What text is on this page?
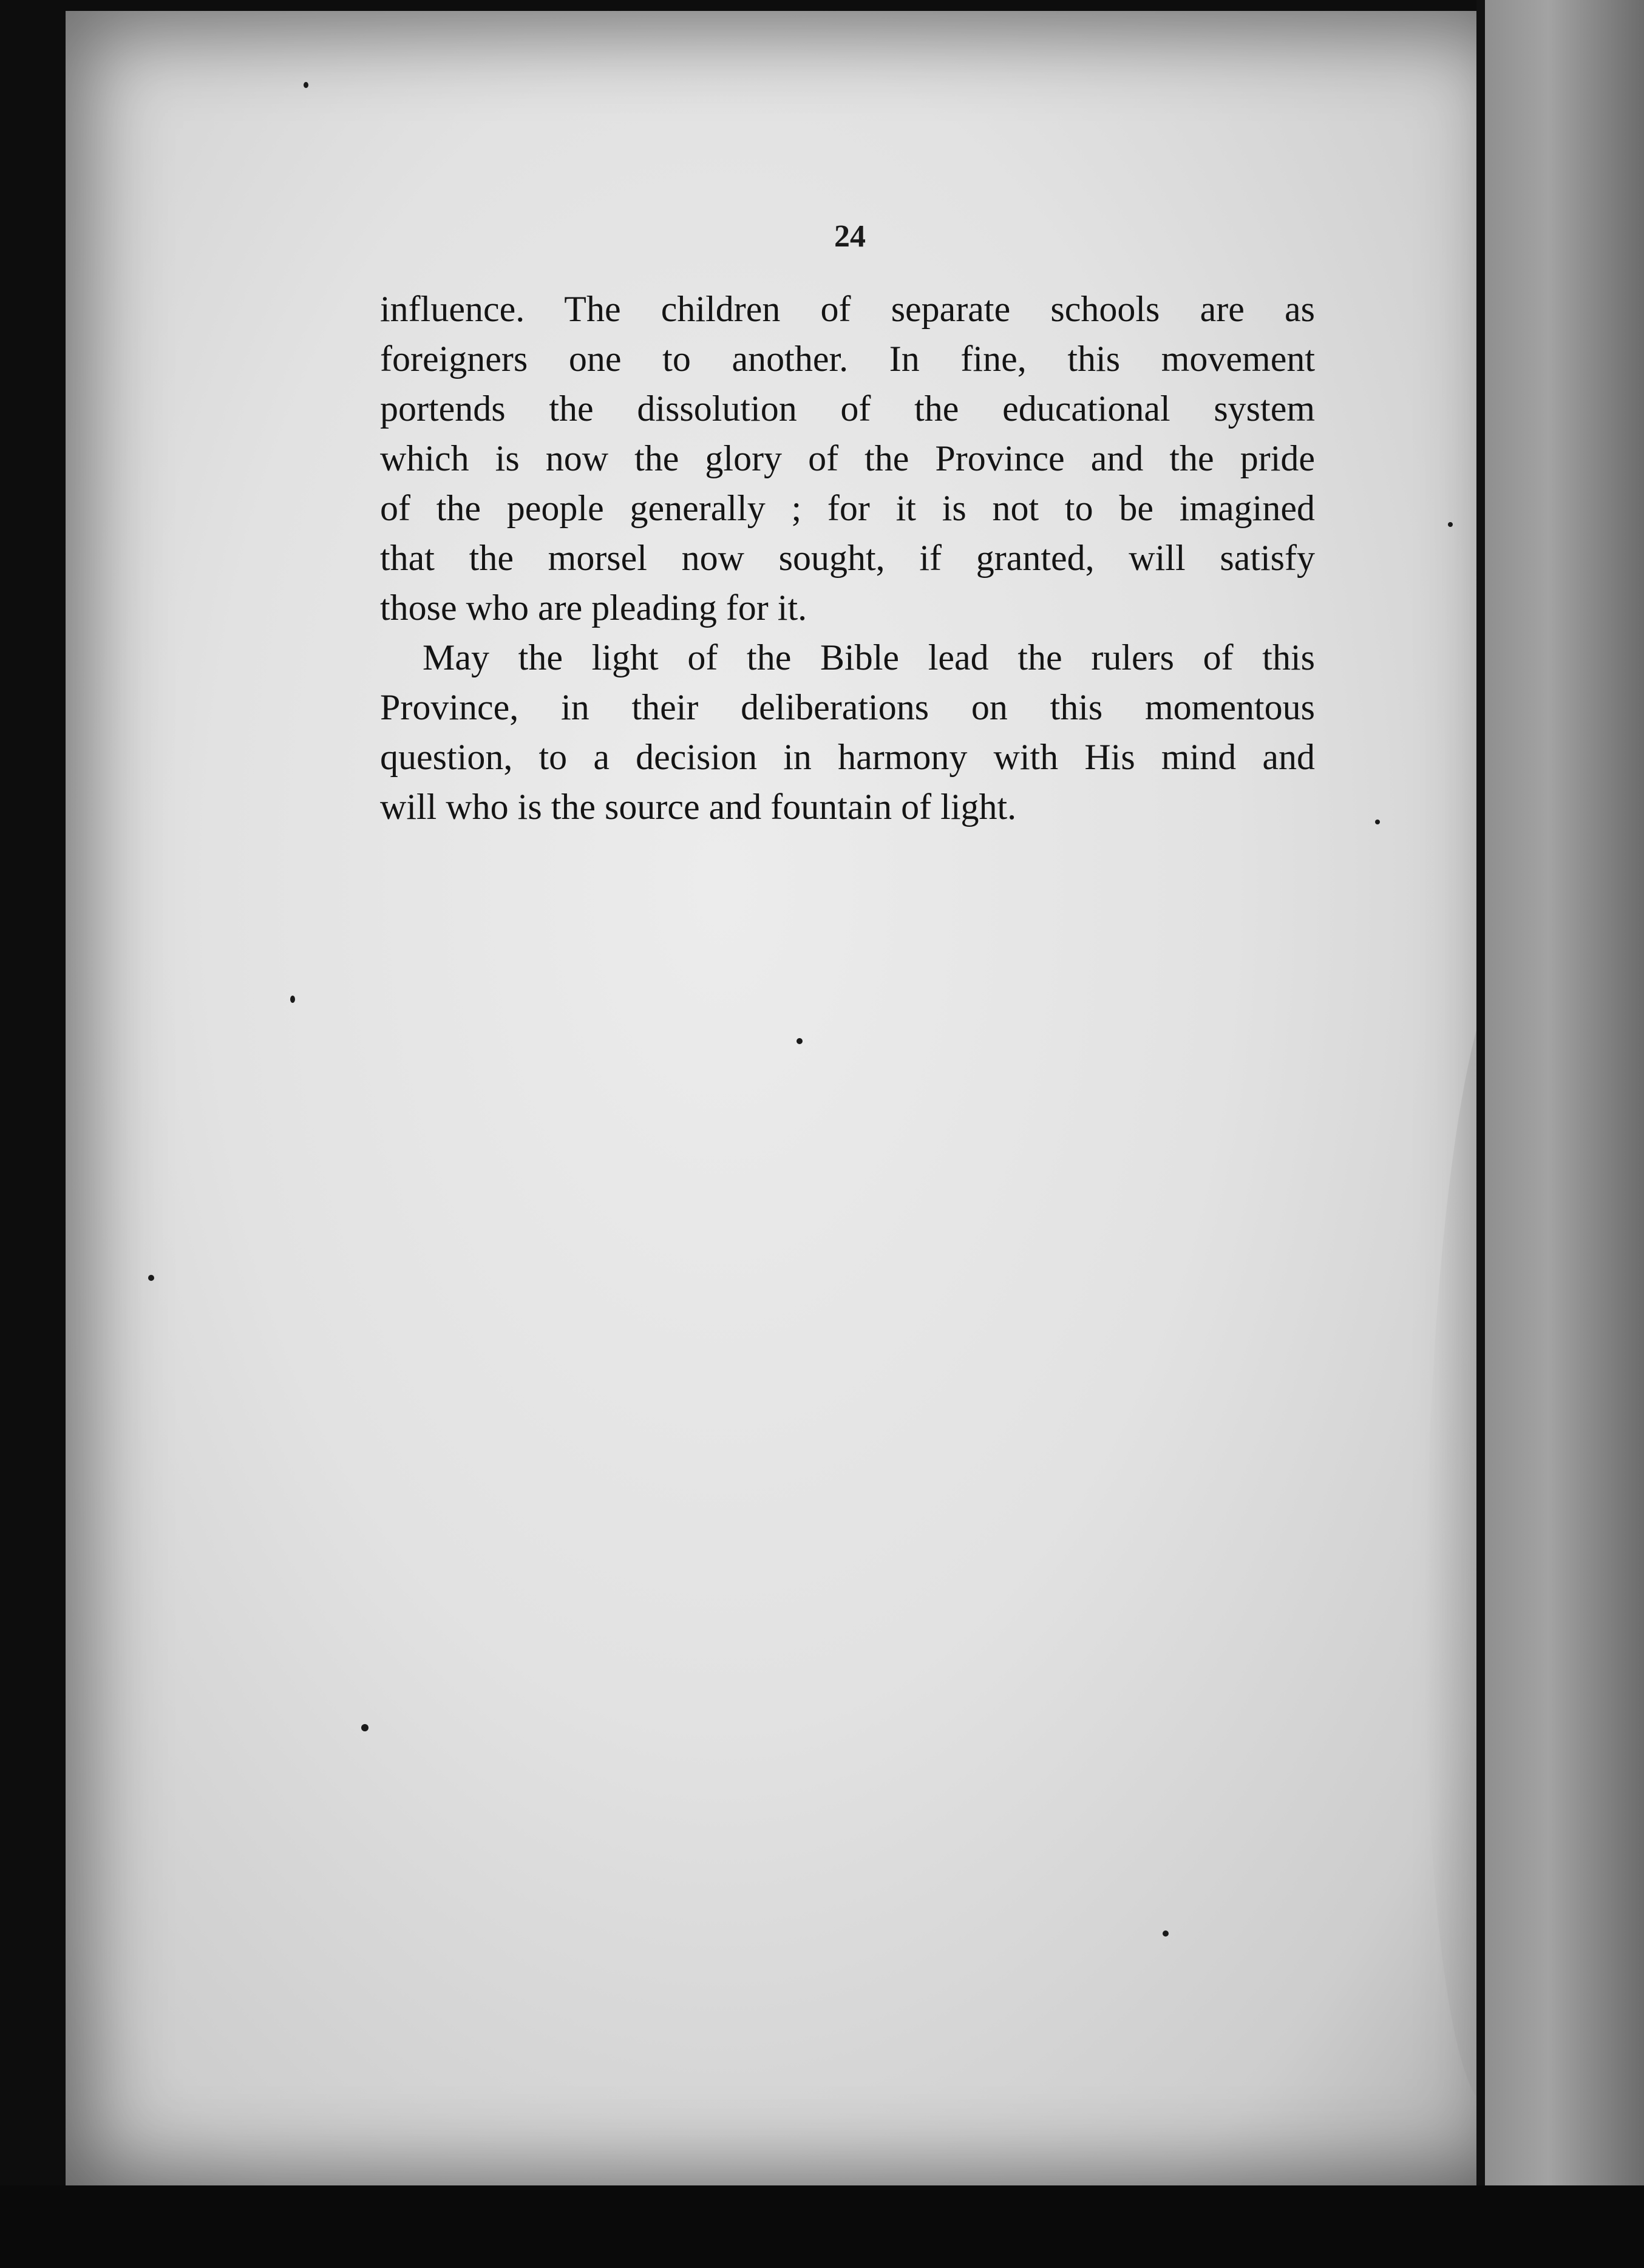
24

influence. The children of separate schools are as
foreigners one to another. In fine, this movement
portends the dissolution of the educational system
which is now the glory of the Province and the pride
of the people generally ; for it is not to be imagined
that the morsel now sought, if granted, will satisfy
those who are pleading for it.

May the light of the Bible lead the rulers of this
Province, in their deliberations on this momentous
question, to a decision in harmony with His mind and
will who is the source and fountain of light.
